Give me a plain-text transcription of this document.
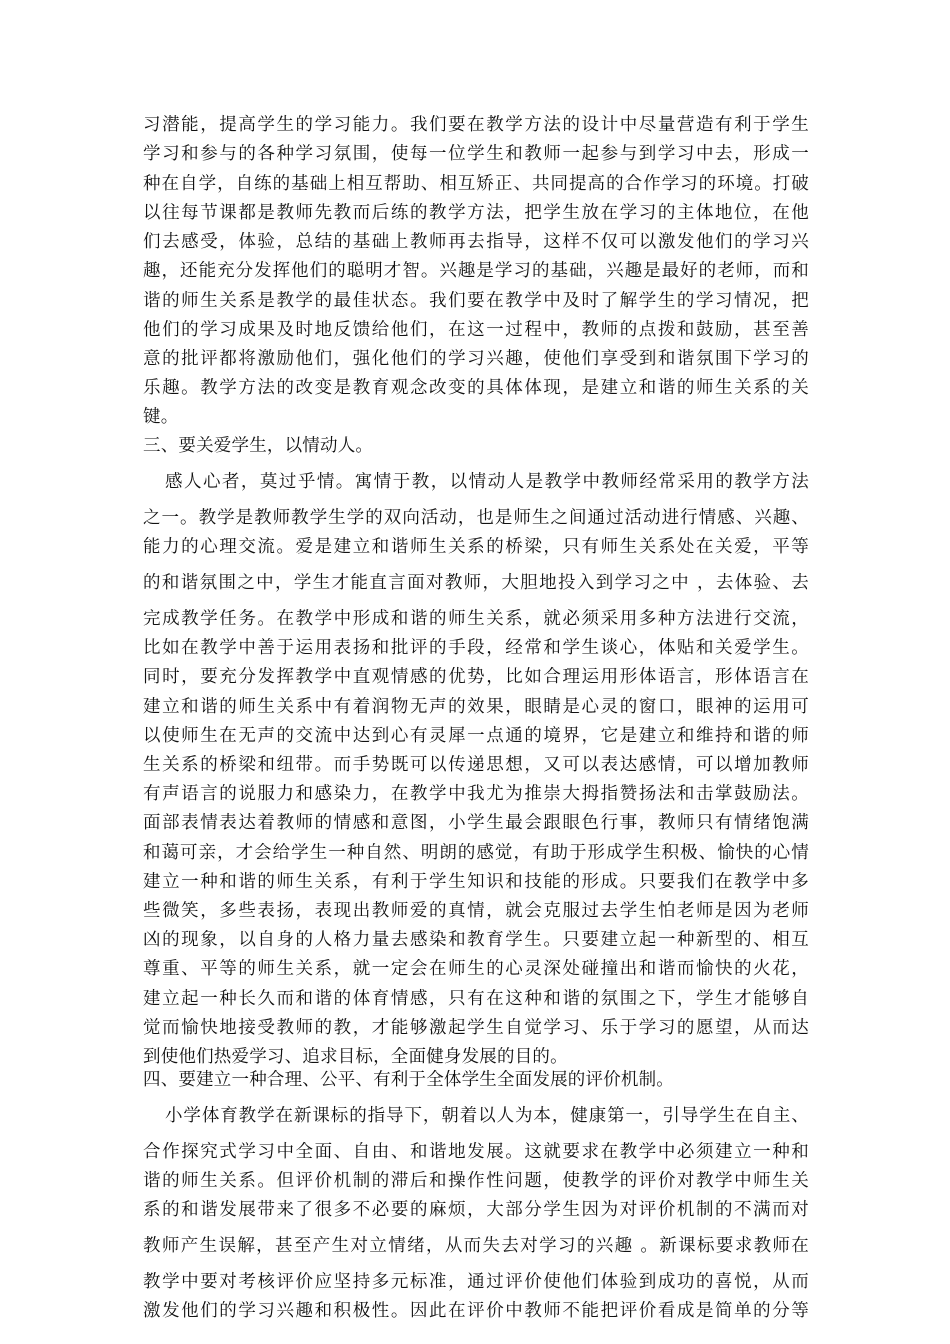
习潜能，提高学生的学习能力。我们要在教学方法的设计中尽量营造有利于学生
学习和参与的各种学习氛围，使每一位学生和教师一起参与到学习中去，形成一
种在自学，自练的基础上相互帮助、相互矫正、共同提高的合作学习的环境。打破
以往每节课都是教师先教而后练的教学方法，把学生放在学习的主体地位，在他
们去感受，体验，总结的基础上教师再去指导，这样不仅可以激发他们的学习兴
趣，还能充分发挥他们的聪明才智。兴趣是学习的基础，兴趣是最好的老师，而和
谐的师生关系是教学的最佳状态。我们要在教学中及时了解学生的学习情况，把
他们的学习成果及时地反馈给他们，在这一过程中，教师的点拨和鼓励，甚至善
意的批评都将激励他们，强化他们的学习兴趣，使他们享受到和谐氛围下学习的
乐趣。教学方法的改变是教育观念改变的具体体现，是建立和谐的师生关系的关
键。
三、要关爱学生，以情动人。
感人心者，莫过乎情。寓情于教，以情动人是教学中教师经常采用的教学方法
之一。教学是教师教学生学的双向活动，也是师生之间通过活动进行情感、兴趣、
能力的心理交流。爱是建立和谐师生关系的桥梁，只有师生关系处在关爱，平等
的和谐氛围之中，学生才能直言面对教师，大胆地投入到学习之中 ，去体验、去
完成教学任务。在教学中形成和谐的师生关系，就必须采用多种方法进行交流，
比如在教学中善于运用表扬和批评的手段，经常和学生谈心，体贴和关爱学生。
同时，要充分发挥教学中直观情感的优势，比如合理运用形体语言，形体语言在
建立和谐的师生关系中有着润物无声的效果，眼睛是心灵的窗口，眼神的运用可
以使师生在无声的交流中达到心有灵犀一点通的境界，它是建立和维持和谐的师
生关系的桥梁和纽带。而手势既可以传递思想，又可以表达感情，可以增加教师
有声语言的说服力和感染力，在教学中我尤为推崇大拇指赞扬法和击掌鼓励法。
面部表情表达着教师的情感和意图，小学生最会跟眼色行事，教师只有情绪饱满
和蔼可亲，才会给学生一种自然、明朗的感觉，有助于形成学生积极、愉快的心情
建立一种和谐的师生关系，有利于学生知识和技能的形成。只要我们在教学中多
些微笑，多些表扬，表现出教师爱的真情，就会克服过去学生怕老师是因为老师
凶的现象，以自身的人格力量去感染和教育学生。只要建立起一种新型的、相互
尊重、平等的师生关系，就一定会在师生的心灵深处碰撞出和谐而愉快的火花，
建立起一种长久而和谐的体育情感，只有在这种和谐的氛围之下，学生才能够自
觉而愉快地接受教师的教，才能够激起学生自觉学习、乐于学习的愿望，从而达
到使他们热爱学习、追求目标，全面健身发展的目的。
四、要建立一种合理、公平、有利于全体学生全面发展的评价机制。
小学体育教学在新课标的指导下，朝着以人为本，健康第一，引导学生在自主、
合作探究式学习中全面、自由、和谐地发展。这就要求在教学中必须建立一种和
谐的师生关系。但评价机制的滞后和操作性问题，使教学的评价对教学中师生关
系的和谐发展带来了很多不必要的麻烦，大部分学生因为对评价机制的不满而对
教师产生误解，甚至产生对立情绪，从而失去对学习的兴趣 。新课标要求教师在
教学中要对考核评价应坚持多元标准，通过评价使他们体验到成功的喜悦，从而
激发他们的学习兴趣和积极性。因此在评价中教师不能把评价看成是简单的分等
